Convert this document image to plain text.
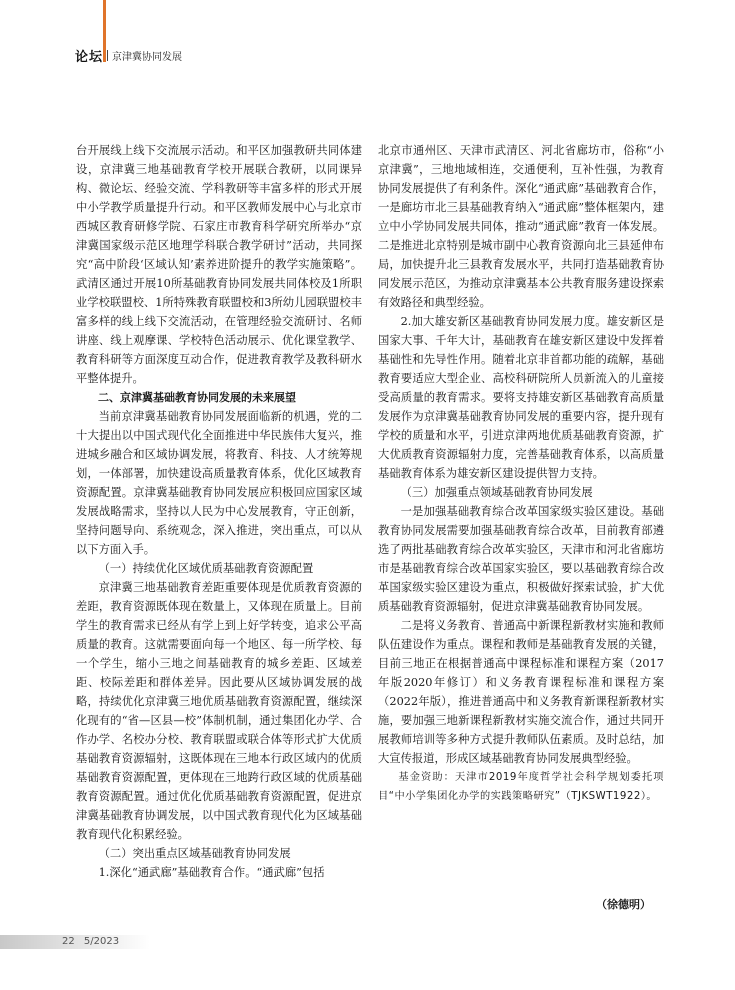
论坛 京津冀协同发展

台开展线上线下交流展示活动。和平区加强教研共同体建设，京津冀三地基础教育学校开展联合教研，以同课异构、微论坛、经验交流、学科教研等丰富多样的形式开展中小学教学质量提升行动。和平区教师发展中心与北京市西城区教育研修学院、石家庄市教育科学研究所举办“京津冀国家级示范区地理学科联合教学研讨”活动，共同探究“高中阶段‘区域认知’素养进阶提升的教学实施策略”。武清区通过开展10所基础教育协同发展共同体校及1所职业学校联盟校、1所特殊教育联盟校和3所幼儿园联盟校丰富多样的线上线下交流活动，在管理经验交流研讨、名师讲座、线上观摩课、学校特色活动展示、优化课堂教学、教育科研等方面深度互动合作，促进教育教学及教科研水平整体提升。

二、京津冀基础教育协同发展的未来展望

当前京津冀基础教育协同发展面临新的机遇，党的二十大提出以中国式现代化全面推进中华民族伟大复兴，推进城乡融合和区域协调发展，将教育、科技、人才统筹规划，一体部署，加快建设高质量教育体系，优化区域教育资源配置。京津冀基础教育协同发展应积极回应国家区域发展战略需求，坚持以人民为中心发展教育，守正创新，坚持问题导向、系统观念，深入推进，突出重点，可以从以下方面入手。

（一）持续优化区域优质基础教育资源配置

京津冀三地基础教育差距重要体现是优质教育资源的差距，教育资源既体现在数量上，又体现在质量上。目前学生的教育需求已经从有学上到上好学转变，追求公平高质量的教育。这就需要面向每一个地区、每一所学校、每一个学生，缩小三地之间基础教育的城乡差距、区域差距、校际差距和群体差异。因此要从区域协调发展的战略，持续优化京津冀三地优质基础教育资源配置，继续深化现有的“省—区县—校”体制机制，通过集团化办学、合作办学、名校办分校、教育联盟或联合体等形式扩大优质基础教育资源辐射，这既体现在三地本行政区域内的优质基础教育资源配置，更体现在三地跨行政区域的优质基础教育资源配置。通过优化优质基础教育资源配置，促进京津冀基础教育协调发展，以中国式教育现代化为区域基础教育现代化积累经验。

（二）突出重点区域基础教育协同发展

1.深化“通武廊”基础教育合作。“通武廊”包括

北京市通州区、天津市武清区、河北省廊坊市，俗称“小京津冀”，三地地域相连，交通便利，互补性强，为教育协同发展提供了有利条件。深化“通武廊”基础教育合作，一是廊坊市北三县基础教育纳入“通武廊”整体框架内，建立中小学协同发展共同体，推动“通武廊”教育一体发展。二是推进北京特别是城市副中心教育资源向北三县延伸布局，加快提升北三县教育发展水平，共同打造基础教育协同发展示范区，为推动京津冀基本公共教育服务建设探索有效路径和典型经验。

2.加大雄安新区基础教育协同发展力度。雄安新区是国家大事、千年大计，基础教育在雄安新区建设中发挥着基础性和先导性作用。随着北京非首都功能的疏解，基础教育要适应大型企业、高校科研院所人员新流入的儿童接受高质量的教育需求。要将支持雄安新区基础教育高质量发展作为京津冀基础教育协同发展的重要内容，提升现有学校的质量和水平，引进京津两地优质基础教育资源，扩大优质教育资源辐射力度，完善基础教育体系，以高质量基础教育体系为雄安新区建设提供智力支持。

（三）加强重点领域基础教育协同发展

一是加强基础教育综合改革国家级实验区建设。基础教育协同发展需要加强基础教育综合改革，目前教育部遴选了两批基础教育综合改革实验区，天津市和河北省廊坊市是基础教育综合改革国家实验区，要以基础教育综合改革国家级实验区建设为重点，积极做好探索试验，扩大优质基础教育资源辐射，促进京津冀基础教育协同发展。

二是将义务教育、普通高中新课程新教材实施和教师队伍建设作为重点。课程和教师是基础教育发展的关键，目前三地正在根据普通高中课程标准和课程方案（2017年版2020年修订）和义务教育课程标准和课程方案（2022年版），推进普通高中和义务教育新课程新教材实施，要加强三地新课程新教材实施交流合作，通过共同开展教师培训等多种方式提升教师队伍素质。及时总结，加大宣传报道，形成区域基础教育协同发展典型经验。

基金资助：天津市2019年度哲学社会科学规划委托项目“中小学集团化办学的实践策略研究”（TJKSWT1922）。

（徐德明）
22 5/2023
